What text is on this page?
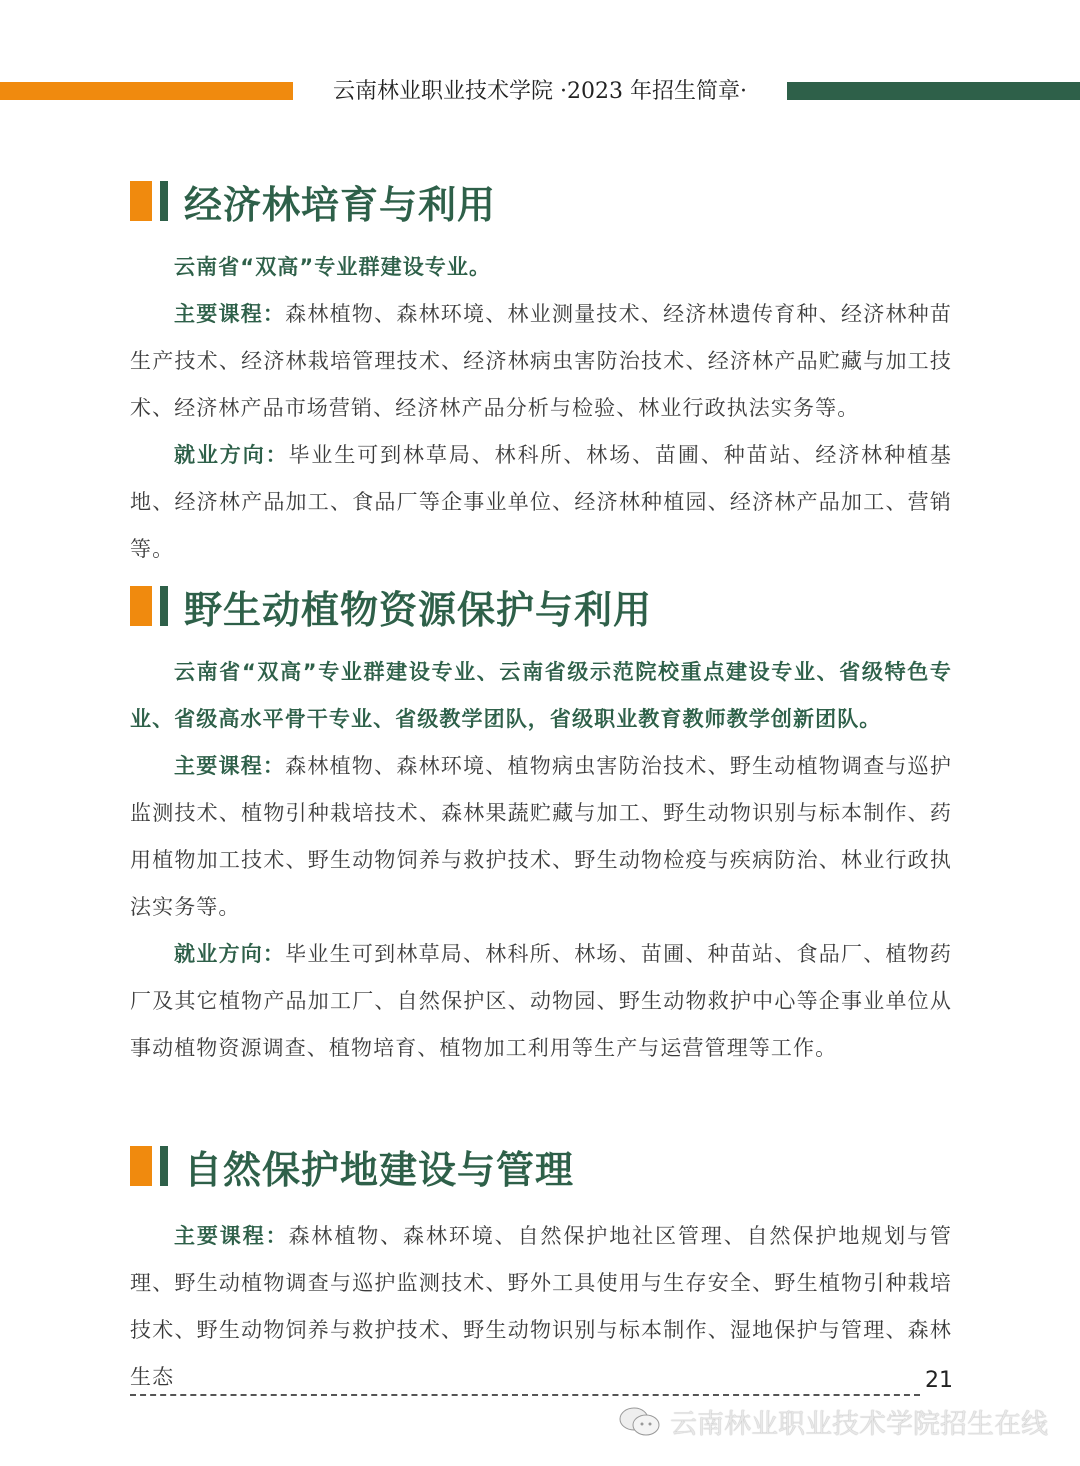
云南林业职业技术学院 ·2023 年招生简章·
经济林培育与利用

云南省“双高”专业群建设专业。

主要课程：森林植物、森林环境、林业测量技术、经济林遗传育种、经济林种苗生产技术、经济林栽培管理技术、经济林病虫害防治技术、经济林产品贮藏与加工技术、经济林产品市场营销、经济林产品分析与检验、林业行政执法实务等。

就业方向：毕业生可到林草局、林科所、林场、苗圃、种苗站、经济林种植基地、经济林产品加工、食品厂等企事业单位、经济林种植园、经济林产品加工、营销等。

野生动植物资源保护与利用

云南省“双高”专业群建设专业、云南省级示范院校重点建设专业、省级特色专业、省级高水平骨干专业、省级教学团队，省级职业教育教师教学创新团队。

主要课程：森林植物、森林环境、植物病虫害防治技术、野生动植物调查与巡护监测技术、植物引种栽培技术、森林果蔬贮藏与加工、野生动物识别与标本制作、药用植物加工技术、野生动物饲养与救护技术、野生动物检疫与疾病防治、林业行政执法实务等。

就业方向：毕业生可到林草局、林科所、林场、苗圃、种苗站、食品厂、植物药厂及其它植物产品加工厂、自然保护区、动物园、野生动物救护中心等企事业单位从事动植物资源调查、植物培育、植物加工利用等生产与运营管理等工作。

自然保护地建设与管理

主要课程：森林植物、森林环境、自然保护地社区管理、自然保护地规划与管理、野生动植物调查与巡护监测技术、野外工具使用与生存安全、野生植物引种栽培技术、野生动物饲养与救护技术、野生动物识别与标本制作、湿地保护与管理、森林生态	21
云南林业职业技术学院招生在线
